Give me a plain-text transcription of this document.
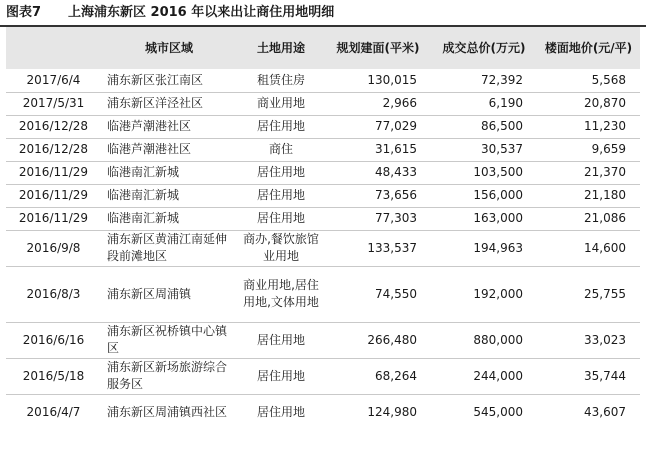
图表7 上海浦东新区 2016 年以来出让商住用地明细
	城市区域	土地用途	规划建面(平米)	成交总价(万元)	楼面地价(元/平)
2017/6/4	浦东新区张江南区	租赁住房	130,015	72,392	5,568
2017/5/31	浦东新区洋泾社区	商业用地	2,966	6,190	20,870
2016/12/28	临港芦潮港社区	居住用地	77,029	86,500	11,230
2016/12/28	临港芦潮港社区	商住	31,615	30,537	9,659
2016/11/29	临港南汇新城	居住用地	48,433	103,500	21,370
2016/11/29	临港南汇新城	居住用地	73,656	156,000	21,180
2016/11/29	临港南汇新城	居住用地	77,303	163,000	21,086
2016/9/8	浦东新区黄浦江南延伸段前滩地区	商办,餐饮旅馆业用地	133,537	194,963	14,600
2016/8/3	浦东新区周浦镇	商业用地,居住用地,文体用地	74,550	192,000	25,755
2016/6/16	浦东新区祝桥镇中心镇区	居住用地	266,480	880,000	33,023
2016/5/18	浦东新区新场旅游综合服务区	居住用地	68,264	244,000	35,744
2016/4/7	浦东新区周浦镇西社区	居住用地	124,980	545,000	43,607
